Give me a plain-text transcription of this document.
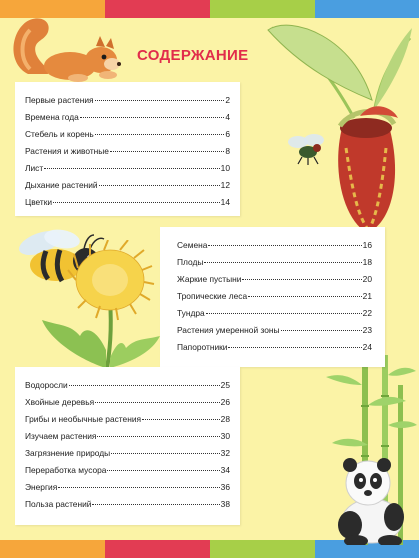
СОДЕРЖАНИЕ
Первые растения	2
Времена года	4
Стебель и корень	6
Растения и животные	8
Лист	10
Дыхание растений	12
Цветки	14
Семена	16
Плоды	18
Жаркие пустыни	20
Тропические леса	21
Тундра	22
Растения умеренной зоны	23
Папоротники	24
Водоросли	25
Хвойные деревья	26
Грибы и необычные растения	28
Изучаем растения	30
Загрязнение природы	32
Переработка мусора	34
Энергия	36
Польза растений	38
